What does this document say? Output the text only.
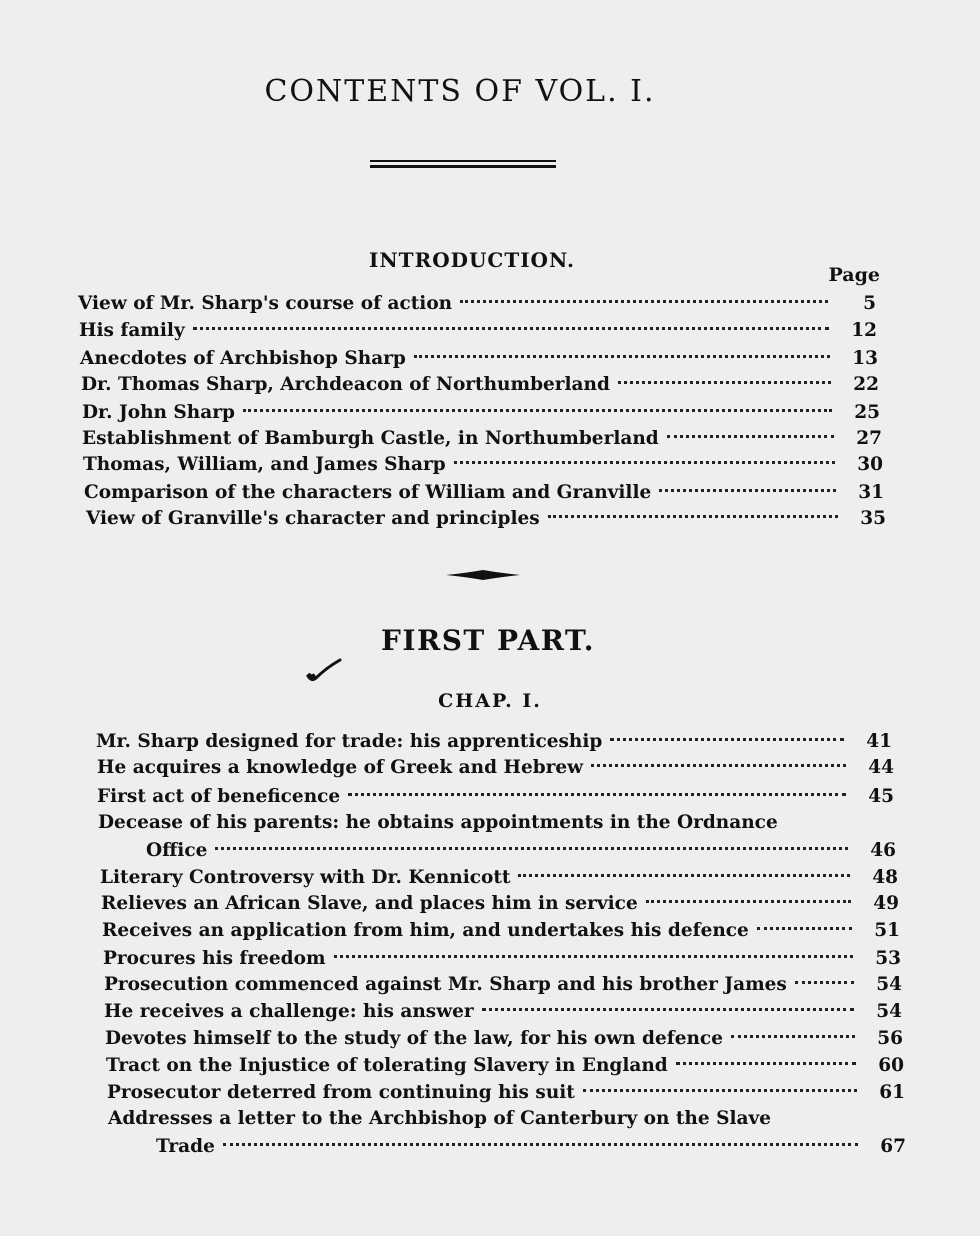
CONTENTS OF VOL. I.
INTRODUCTION.
Page
View of Mr. Sharp's course of action	5
His family	12
Anecdotes of Archbishop Sharp	13
Dr. Thomas Sharp, Archdeacon of Northumberland	22
Dr. John Sharp	25
Establishment of Bamburgh Castle, in Northumberland	27
Thomas, William, and James Sharp	30
Comparison of the characters of William and Granville	31
View of Granville's character and principles	35
FIRST PART.
CHAP. I.
Mr. Sharp designed for trade: his apprenticeship	41
He acquires a knowledge of Greek and Hebrew	44
First act of beneficence	45
Decease of his parents: he obtains appointments in the Ordnance
Office	46
Literary Controversy with Dr. Kennicott	48
Relieves an African Slave, and places him in service	49
Receives an application from him, and undertakes his defence	51
Procures his freedom	53
Prosecution commenced against Mr. Sharp and his brother James	54
He receives a challenge: his answer	54
Devotes himself to the study of the law, for his own defence	56
Tract on the Injustice of tolerating Slavery in England	60
Prosecutor deterred from continuing his suit	61
Addresses a letter to the Archbishop of Canterbury on the Slave
Trade	67
